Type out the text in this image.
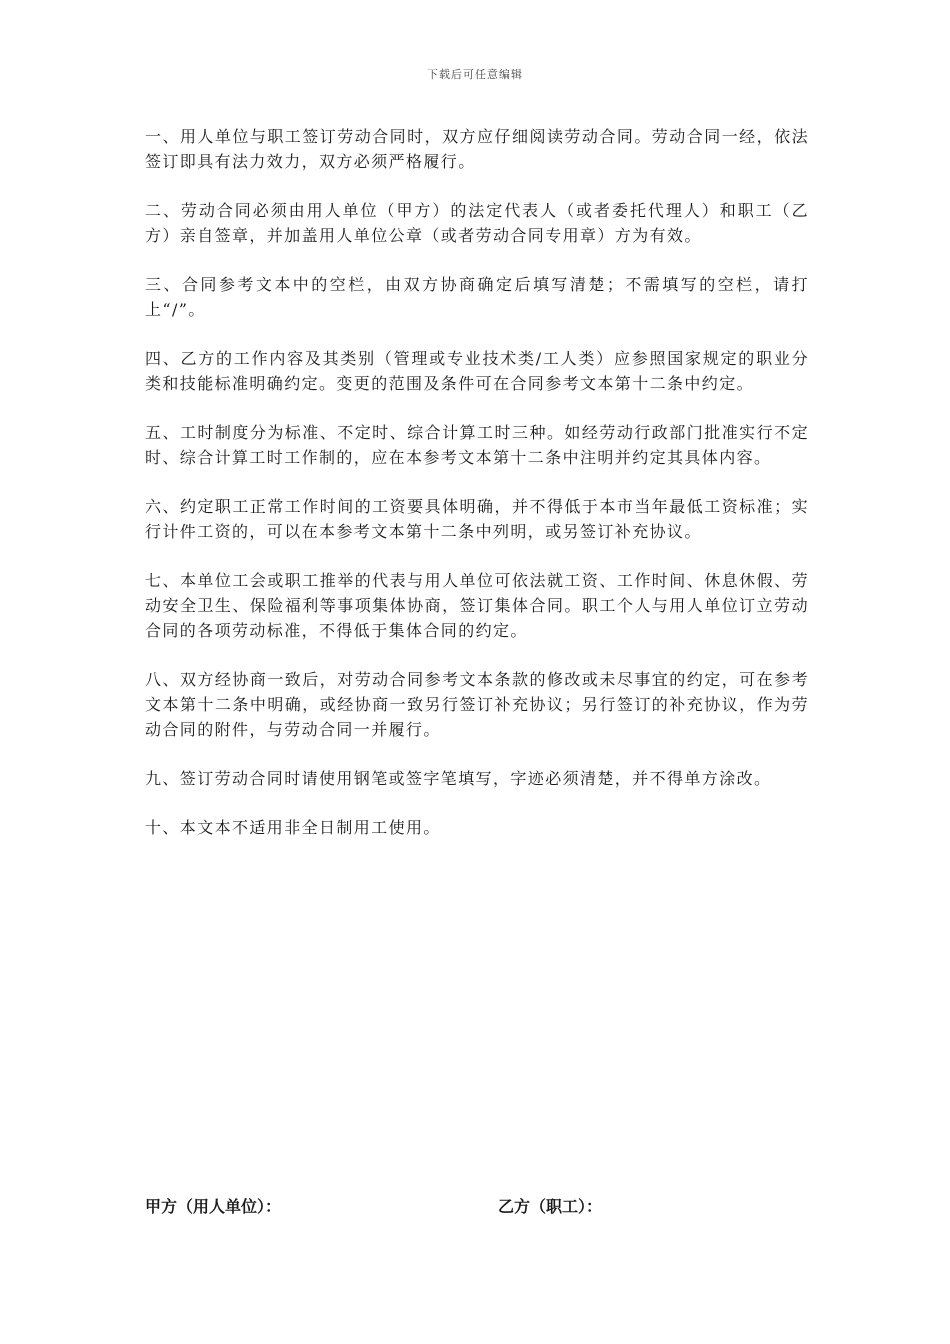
下载后可任意编辑

一、用人单位与职工签订劳动合同时，双方应仔细阅读劳动合同。劳动合同一经，依法签订即具有法力效力，双方必须严格履行。

二、劳动合同必须由用人单位（甲方）的法定代表人（或者委托代理人）和职工（乙方）亲自签章，并加盖用人单位公章（或者劳动合同专用章）方为有效。

三、合同参考文本中的空栏，由双方协商确定后填写清楚；不需填写的空栏，请打上“/”。

四、乙方的工作内容及其类别（管理或专业技术类/工人类）应参照国家规定的职业分类和技能标准明确约定。变更的范围及条件可在合同参考文本第十二条中约定。

五、工时制度分为标准、不定时、综合计算工时三种。如经劳动行政部门批准实行不定时、综合计算工时工作制的，应在本参考文本第十二条中注明并约定其具体内容。

六、约定职工正常工作时间的工资要具体明确，并不得低于本市当年最低工资标准；实行计件工资的，可以在本参考文本第十二条中列明，或另签订补充协议。

七、本单位工会或职工推举的代表与用人单位可依法就工资、工作时间、休息休假、劳动安全卫生、保险福利等事项集体协商，签订集体合同。职工个人与用人单位订立劳动合同的各项劳动标准，不得低于集体合同的约定。

八、双方经协商一致后，对劳动合同参考文本条款的修改或未尽事宜的约定，可在参考文本第十二条中明确，或经协商一致另行签订补充协议；另行签订的补充协议，作为劳动合同的附件，与劳动合同一并履行。

九、签订劳动合同时请使用钢笔或签字笔填写，字迹必须清楚，并不得单方涂改。

十、本文本不适用非全日制用工使用。

甲方（用人单位）：	乙方（职工）：
